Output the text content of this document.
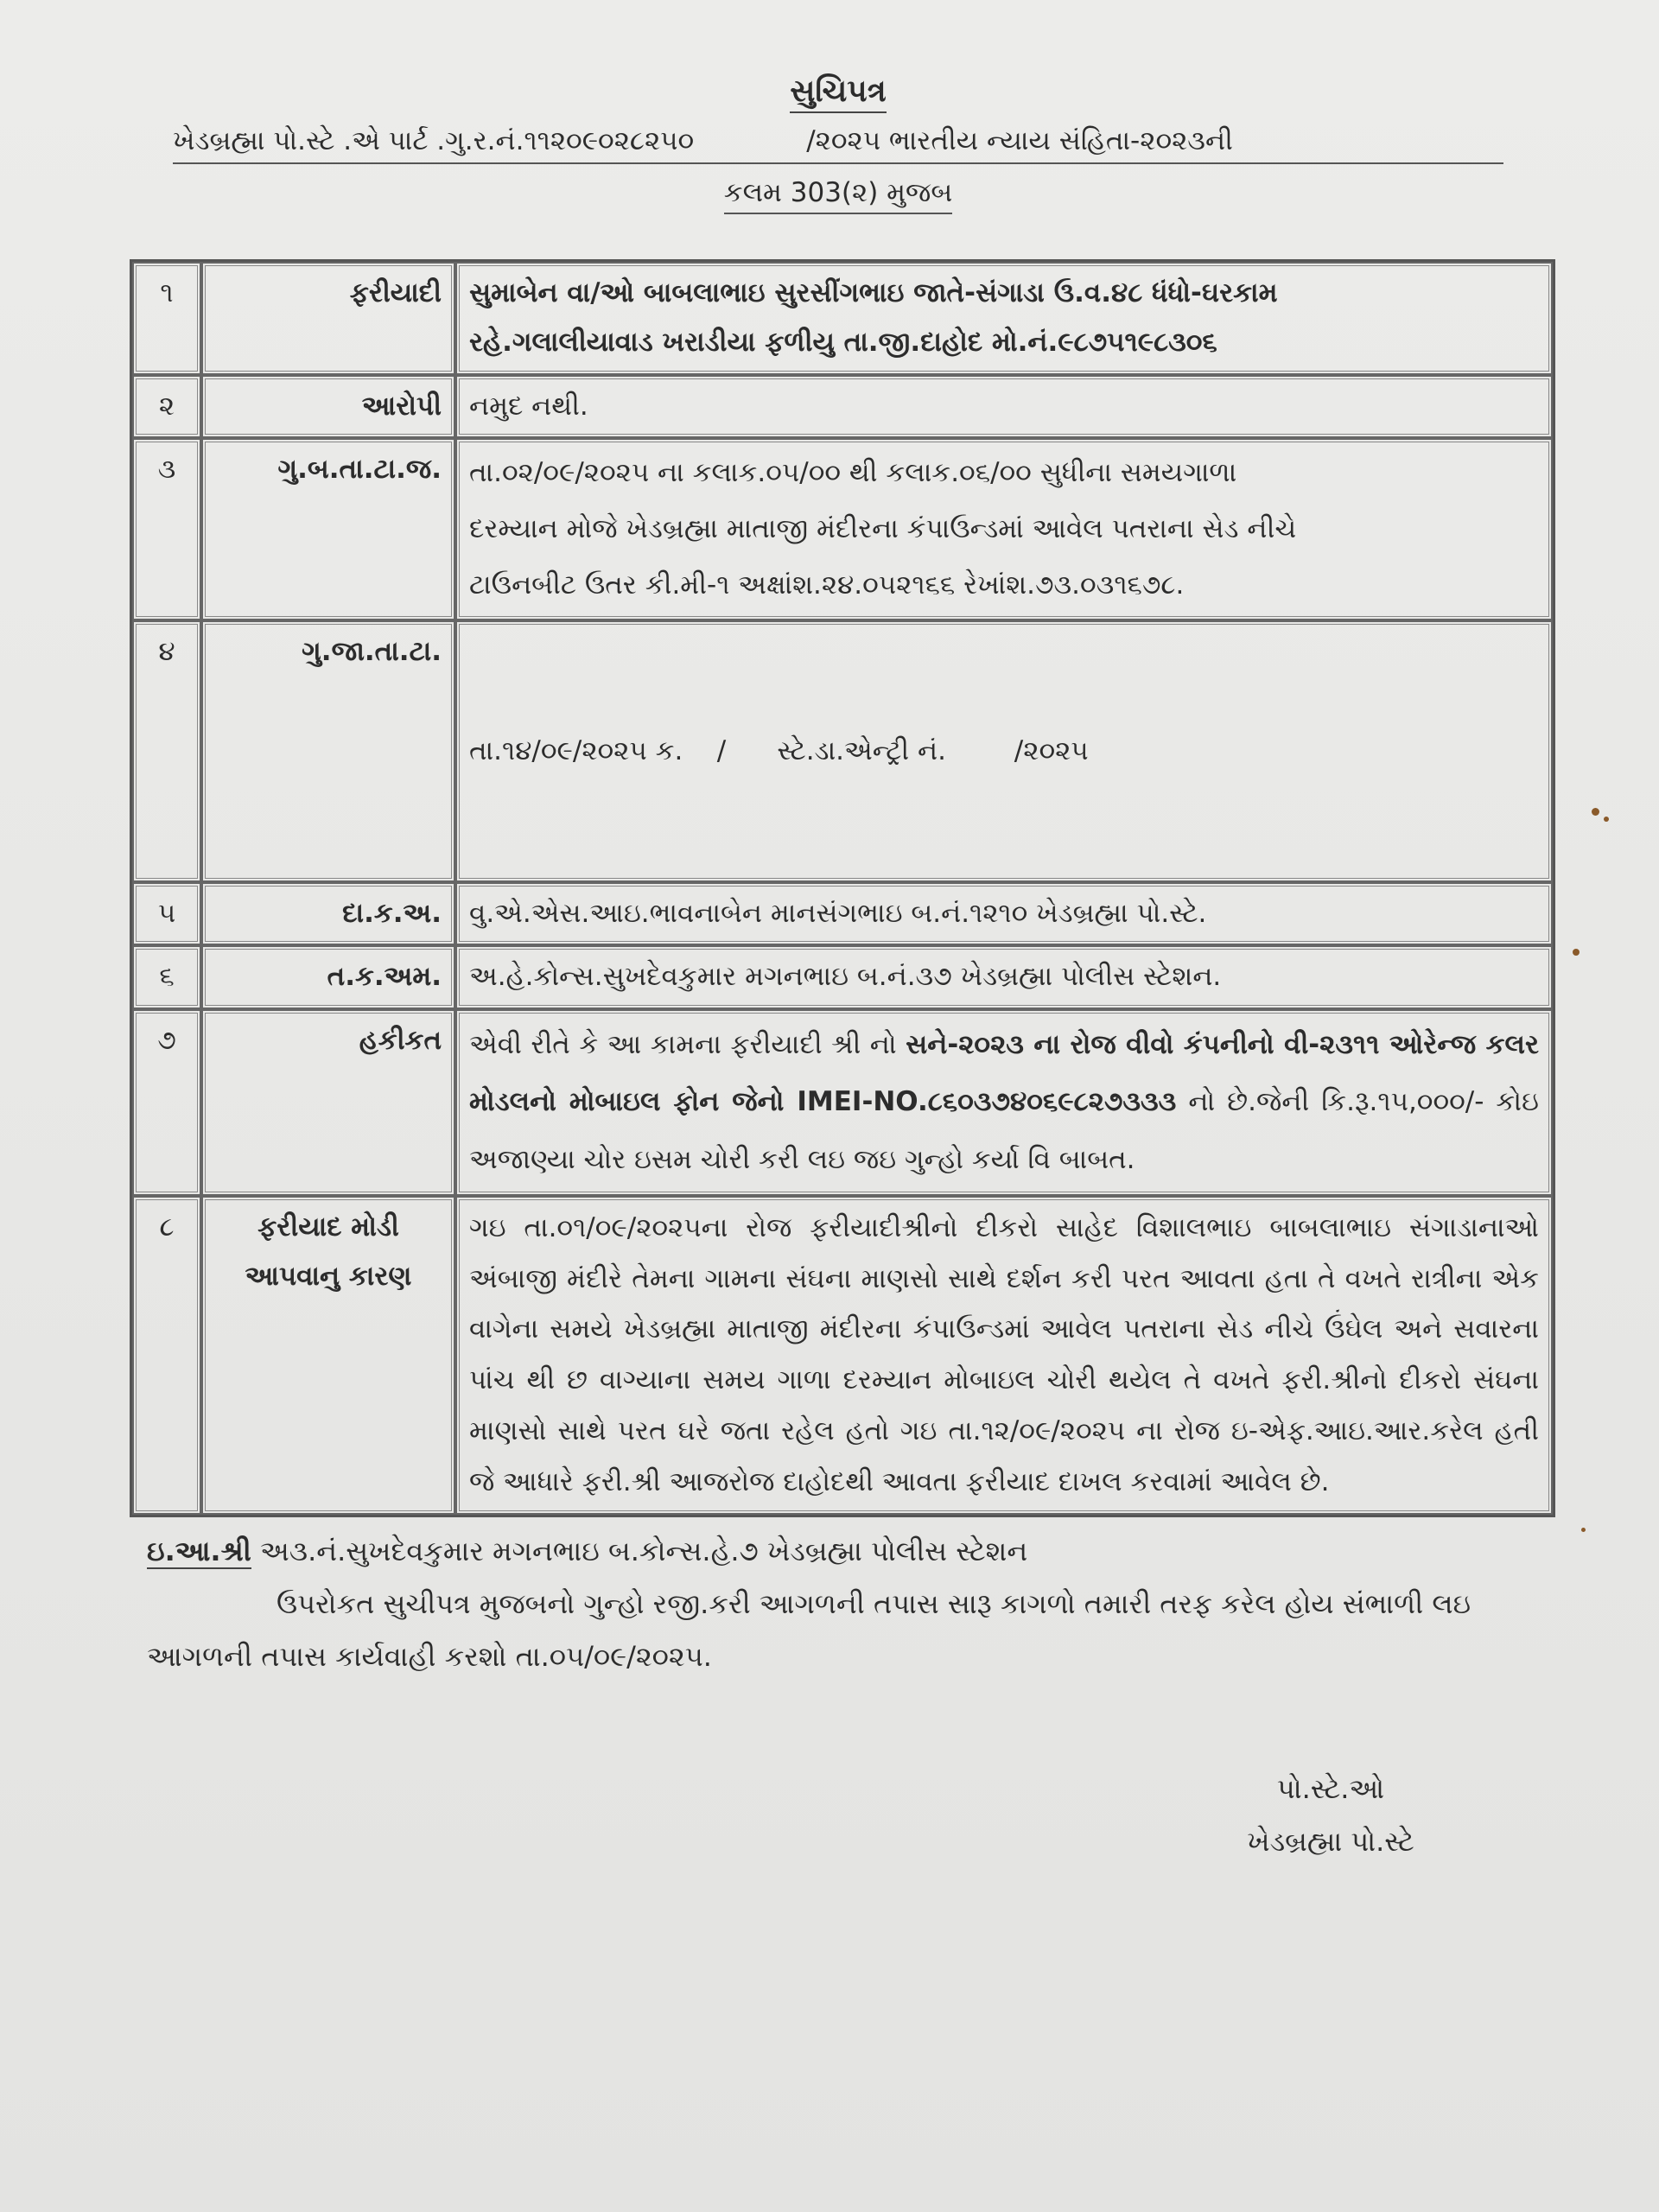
સુચિપત્ર
ખેડબ્રહ્મા પો.સ્ટે .એ પાર્ટ .ગુ.ર.નં.૧૧૨૦૯૦૨૮૨૫૦	/૨૦૨૫ ભારતીય ન્યાય સંહિતા-૨૦૨૩ની
કલમ 303(૨) મુજબ
૧	ફરીયાદી	સુમાબેન વા/ઓ બાબલાભાઇ સુરસીંગભાઇ જાતે-સંગાડા ઉ.વ.૪૮ ધંધો-ઘરકામ
રહે.ગલાલીયાવાડ ખરાડીયા ફળીયુ તા.જી.દાહોદ મો.નં.૯૮૭૫૧૯૮૩૦૬

૨	આરોપી	નમુદ નથી.

૩	ગુ.બ.તા.ટા.જ.	તા.૦૨/૦૯/૨૦૨૫ ના કલાક.૦૫/૦૦ થી કલાક.૦૬/૦૦ સુધીના સમયગાળા
દરમ્યાન મોજે ખેડબ્રહ્મા માતાજી મંદીરના કંપાઉન્ડમાં આવેલ પતરાના સેડ નીચે
ટાઉનબીટ ઉતર કી.મી-૧ અક્ષાંશ.૨૪.૦૫૨૧૬૬ રેખાંશ.૭૩.૦૩૧૬૭૮.

૪	ગુ.જા.તા.ટા.	તા.૧૪/૦૯/૨૦૨૫ ક.    /      સ્ટે.ડા.એન્ટ્રી નં.        /૨૦૨૫

૫	દા.ક.અ.	વુ.એ.એસ.આઇ.ભાવનાબેન માનસંગભાઇ બ.નં.૧૨૧૦ ખેડબ્રહ્મા પો.સ્ટે.

૬	ત.ક.અમ.	અ.હે.કોન્સ.સુખદેવકુમાર મગનભાઇ બ.નં.૩૭ ખેડબ્રહ્મા પોલીસ સ્ટેશન.

૭	હકીકત	એવી રીતે કે આ કામના ફરીયાદી શ્રી નો સને-૨૦૨૩ ના રોજ વીવો કંપનીનો વી-૨૩૧૧ ઓરેન્જ કલર મોડલનો મોબાઇલ ફોન જેનો IMEI-NO.૮૬૦૩૭૪૦૬૯૮૨૭૩૩૩ નો છે.જેની કિ.રૂ.૧૫,૦૦૦/- કોઇ અજાણ્યા ચોર ઇસમ ચોરી કરી લઇ જઇ ગુન્હો કર્યા વિ બાબત.
૮	ફરીયાદ મોડી
આપવાનુ કારણ	ગઇ તા.૦૧/૦૯/૨૦૨૫ના રોજ ફરીયાદીશ્રીનો દીકરો સાહેદ વિશાલભાઇ બાબલાભાઇ સંગાડાનાઓ અંબાજી મંદીરે તેમના ગામના સંઘના માણસો સાથે દર્શન કરી પરત આવતા હતા તે વખતે રાત્રીના એક વાગેના સમયે ખેડબ્રહ્મા માતાજી મંદીરના કંપાઉન્ડમાં આવેલ પતરાના સેડ નીચે ઉંઘેલ અને સવારના પાંચ થી છ વાગ્યાના સમય ગાળા દરમ્યાન મોબાઇલ ચોરી થયેલ તે વખતે ફરી.શ્રીનો દીકરો સંઘના માણસો સાથે પરત ઘરે જતા રહેલ હતો ગઇ તા.૧૨/૦૯/૨૦૨૫ ના રોજ ઇ-એફ.આઇ.આર.કરેલ હતી જે આધારે ફરી.શ્રી આજરોજ દાહોદથી આવતા ફરીયાદ દાખલ કરવામાં આવેલ છે.
ઇ.આ.શ્રી અ૩.નં.સુખદેવકુમાર મગનભાઇ બ.કોન્સ.હે.૭ ખેડબ્રહ્મા પોલીસ સ્ટેશન
ઉપરોકત સુચીપત્ર મુજબનો ગુન્હો રજી.કરી આગળની તપાસ સારૂ કાગળો તમારી તરફ કરેલ હોય સંભાળી લઇ આગળની તપાસ કાર્યવાહી કરશો તા.૦૫/૦૯/૨૦૨૫.
પો.સ્ટે.ઓ
ખેડબ્રહ્મા પો.સ્ટે
